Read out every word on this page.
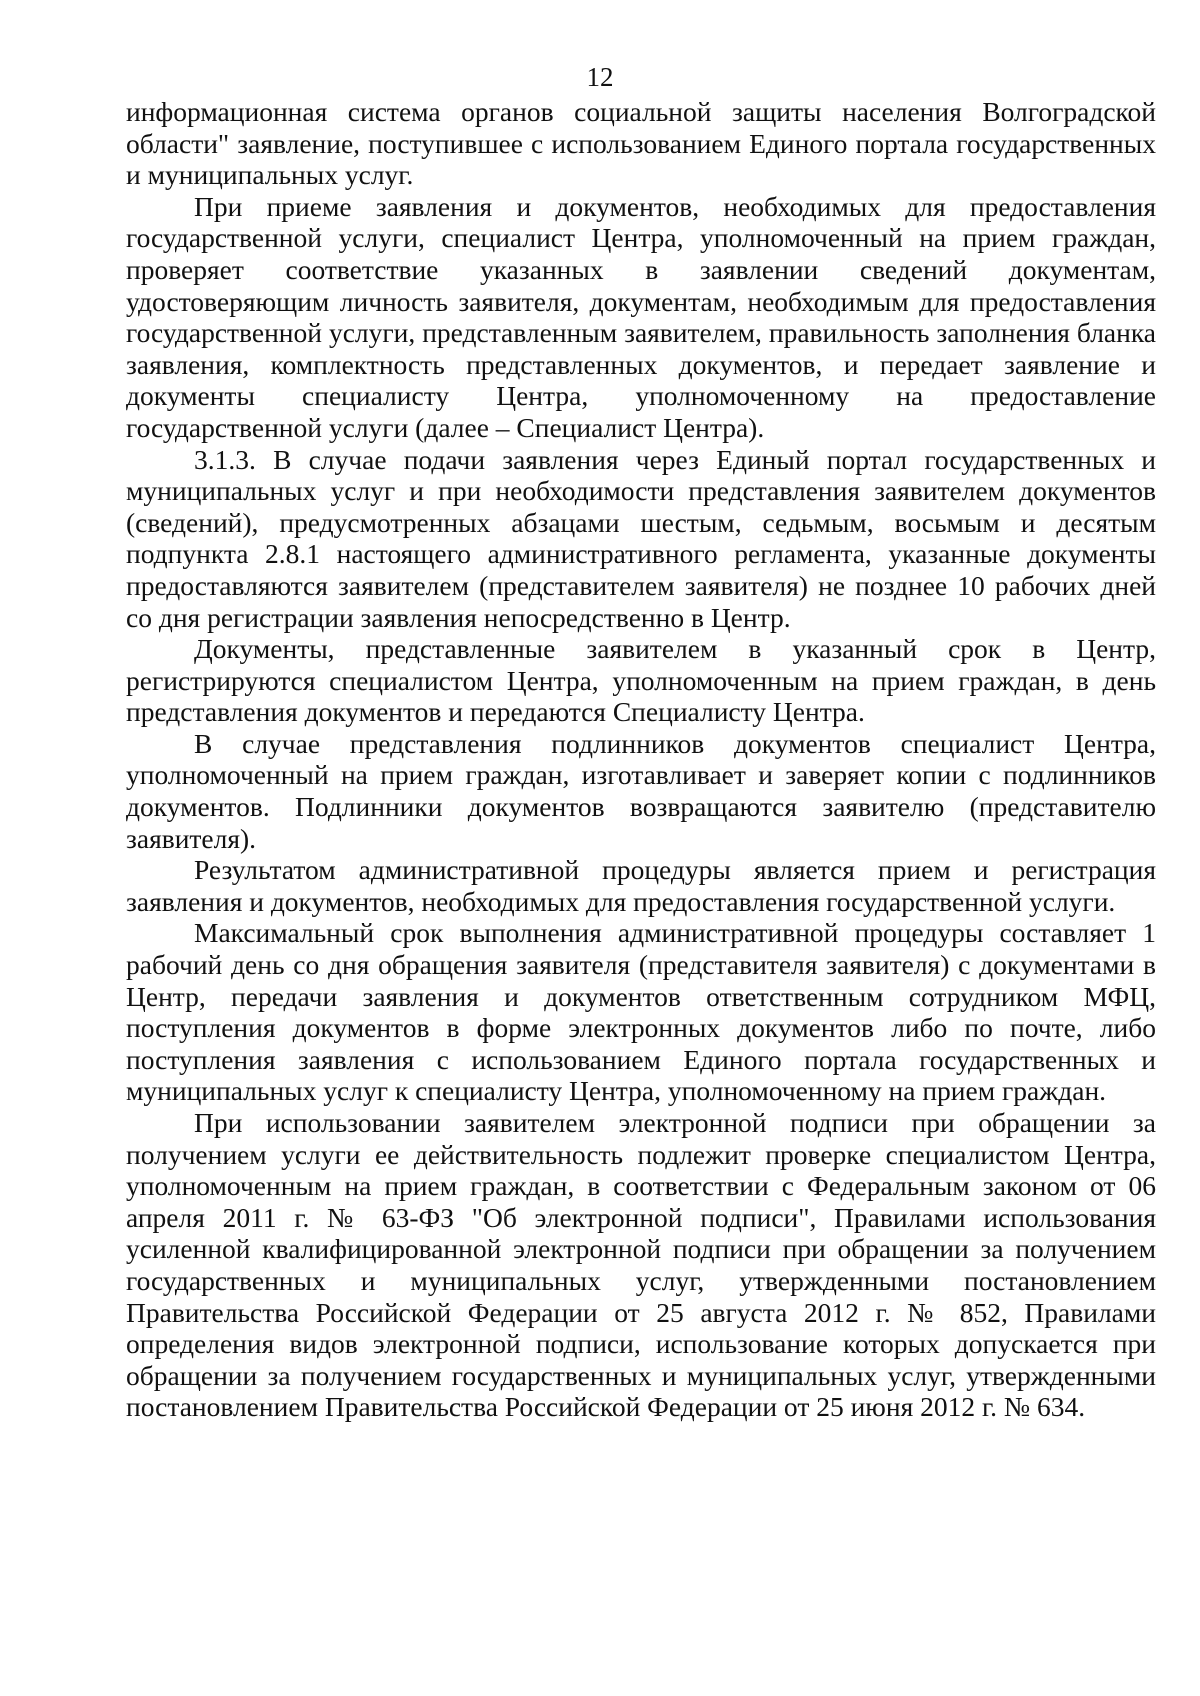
12

информационная система органов социальной защиты населения Волгоградской области" заявление, поступившее с использованием Единого портала государственных и муниципальных услуг.

При приеме заявления и документов, необходимых для предоставления государственной услуги, специалист Центра, уполномоченный на прием граждан, проверяет соответствие указанных в заявлении сведений документам, удостоверяющим личность заявителя, документам, необходимым для предоставления государственной услуги, представленным заявителем, правильность заполнения бланка заявления, комплектность представленных документов, и передает заявление и документы специалисту Центра, уполномоченному на предоставление государственной услуги (далее – Специалист Центра).

3.1.3. В случае подачи заявления через Единый портал государственных и муниципальных услуг и при необходимости представления заявителем документов (сведений), предусмотренных абзацами шестым, седьмым, восьмым и десятым подпункта 2.8.1 настоящего административного регламента, указанные документы предоставляются заявителем (представителем заявителя) не позднее 10 рабочих дней со дня регистрации заявления непосредственно в Центр.

Документы, представленные заявителем в указанный срок в Центр, регистрируются специалистом Центра, уполномоченным на прием граждан, в день представления документов и передаются Специалисту Центра.

В случае представления подлинников документов специалист Центра, уполномоченный на прием граждан, изготавливает и заверяет копии с подлинников документов. Подлинники документов возвращаются заявителю (представителю заявителя).

Результатом административной процедуры является прием и регистрация заявления и документов, необходимых для предоставления государственной услуги.

Максимальный срок выполнения административной процедуры составляет 1 рабочий день со дня обращения заявителя (представителя заявителя) с документами в Центр, передачи заявления и документов ответственным сотрудником МФЦ, поступления документов в форме электронных документов либо по почте, либо поступления заявления с использованием Единого портала государственных и муниципальных услуг к специалисту Центра, уполномоченному на прием граждан.

При использовании заявителем электронной подписи при обращении за получением услуги ее действительность подлежит проверке специалистом Центра, уполномоченным на прием граждан, в соответствии с Федеральным законом от 06 апреля 2011 г. № 63-ФЗ "Об электронной подписи", Правилами использования усиленной квалифицированной электронной подписи при обращении за получением государственных и муниципальных услуг, утвержденными постановлением Правительства Российской Федерации от 25 августа 2012 г. № 852, Правилами определения видов электронной подписи, использование которых допускается при обращении за получением государственных и муниципальных услуг, утвержденными постановлением Правительства Российской Федерации от 25 июня 2012 г. № 634.
